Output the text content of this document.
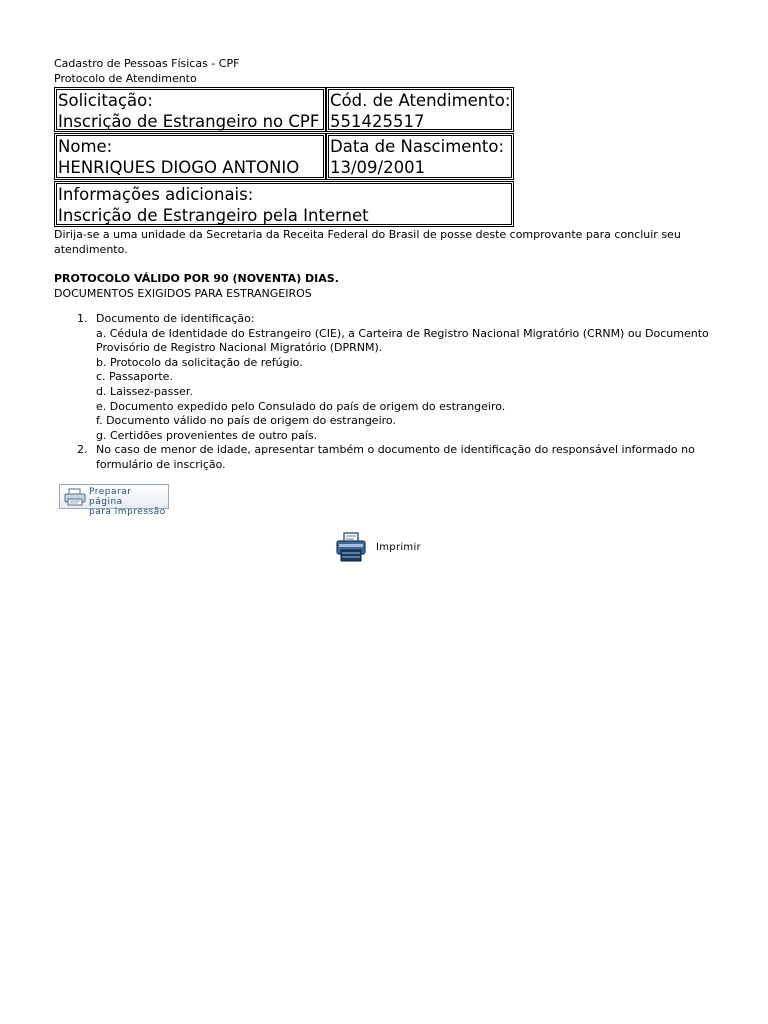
Cadastro de Pessoas Físicas - CPF
Protocolo de Atendimento
Solicitação:
Inscrição de Estrangeiro no CPF
Cód. de Atendimento:
551425517
Nome:
HENRIQUES DIOGO ANTONIO
Data de Nascimento:
13/09/2001
Informações adicionais:
Inscrição de Estrangeiro pela Internet
Dirija-se a uma unidade da Secretaria da Receita Federal do Brasil de posse deste comprovante para concluir seu atendimento.
PROTOCOLO VÁLIDO POR 90 (NOVENTA) DIAS.
DOCUMENTOS EXIGIDOS PARA ESTRANGEIROS
1. Documento de identificação:
a. Cédula de Identidade do Estrangeiro (CIE), a Carteira de Registro Nacional Migratório (CRNM) ou Documento Provisório de Registro Nacional Migratório (DPRNM).
b. Protocolo da solicitação de refúgio.
c. Passaporte.
d. Laissez-passer.
e. Documento expedido pelo Consulado do país de origem do estrangeiro.
f. Documento válido no país de origem do estrangeiro.
g. Certidões provenientes de outro país.
2. No caso de menor de idade, apresentar também o documento de identificação do responsável informado no formulário de inscrição.
Preparar página
para impressão
Imprimir
